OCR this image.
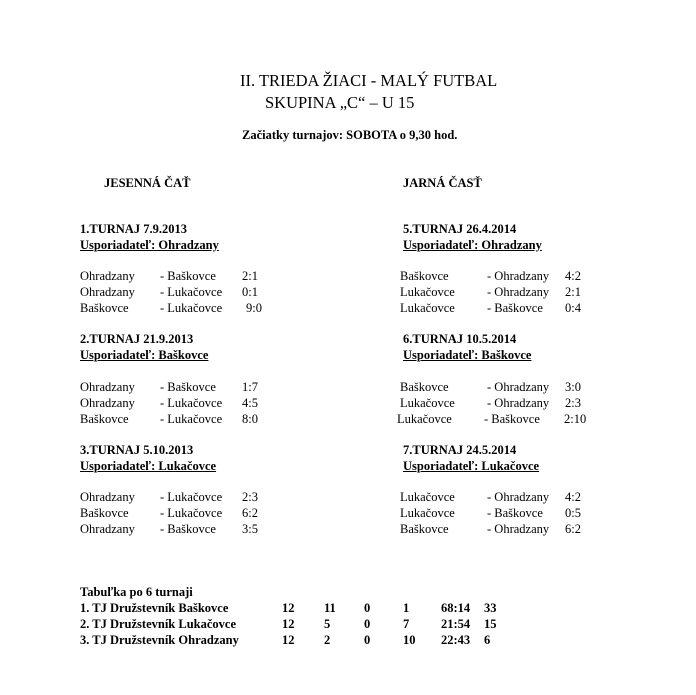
II. TRIEDA ŽIACI - MALÝ FUTBAL
SKUPINA „C“ – U 15
Začiatky turnajov: SOBOTA o 9,30 hod.
JESENNÁ ČAŤ	JARNÁ ČASŤ
1.TURNAJ 7.9.2013
Usporiadateľ: Ohradzany
Ohradzany - Baškovce 2:1
Ohradzany - Lukačovce 0:1
Baškovce	- Lukačovce 9:0
2.TURNAJ 21.9.2013
Usporiadateľ: Baškovce
Ohradzany - Baškovce 1:7
Ohradzany - Lukačovce 4:5
Baškovce	- Lukačovce 8:0
3.TURNAJ 5.10.2013
Usporiadateľ: Lukačovce
Ohradzany - Lukačovce 2:3
Baškovce	- Lukačovce 6:2
Ohradzany - Baškovce 3:5
5.TURNAJ 26.4.2014
Usporiadateľ: Ohradzany
Baškovce	- Ohradzany 4:2
Lukačovce	- Ohradzany 2:1
Lukačovce	- Baškovce 0:4
6.TURNAJ 10.5.2014
Usporiadateľ: Baškovce
Baškovce	- Ohradzany 3:0
Lukačovce	- Ohradzany 2:3
Lukačovce	- Baškovce 2:10
7.TURNAJ 24.5.2014
Usporiadateľ: Lukačovce
Lukačovce	- Ohradzany 4:2
Lukačovce	- Baškovce 0:5
Baškovce	- Ohradzany 6:2
Tabuľka po 6 turnaji
1. TJ Družstevník Baškovce	12 11 0	1	68:14 33
2. TJ Družstevník Lukačovce	12 5	0	7	21:54 15
3. TJ Družstevník Ohradzany	12 2	0	10 22:43 6
